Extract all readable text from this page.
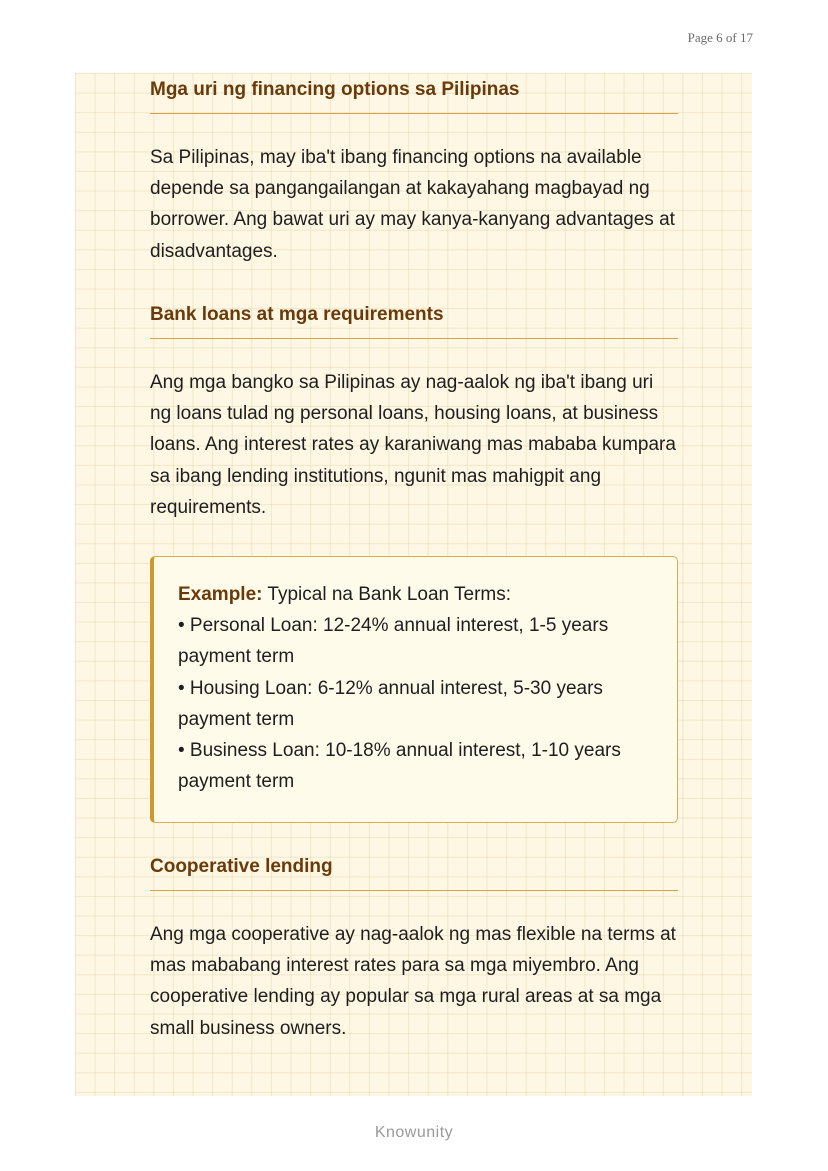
Page 6 of 17
Mga uri ng financing options sa Pilipinas

Sa Pilipinas, may iba't ibang financing options na available depende sa pangangailangan at kakayahang magbayad ng borrower. Ang bawat uri ay may kanya-kanyang advantages at disadvantages.

Bank loans at mga requirements

Ang mga bangko sa Pilipinas ay nag-aalok ng iba't ibang uri ng loans tulad ng personal loans, housing loans, at business loans. Ang interest rates ay karaniwang mas mababa kumpara sa ibang lending institutions, ngunit mas mahigpit ang requirements.

Example: Typical na Bank Loan Terms:
• Personal Loan: 12-24% annual interest, 1-5 years payment term
• Housing Loan: 6-12% annual interest, 5-30 years payment term
• Business Loan: 10-18% annual interest, 1-10 years payment term
Cooperative lending

Ang mga cooperative ay nag-aalok ng mas flexible na terms at mas mababang interest rates para sa mga miyembro. Ang cooperative lending ay popular sa mga rural areas at sa mga small business owners.

Knowunity
